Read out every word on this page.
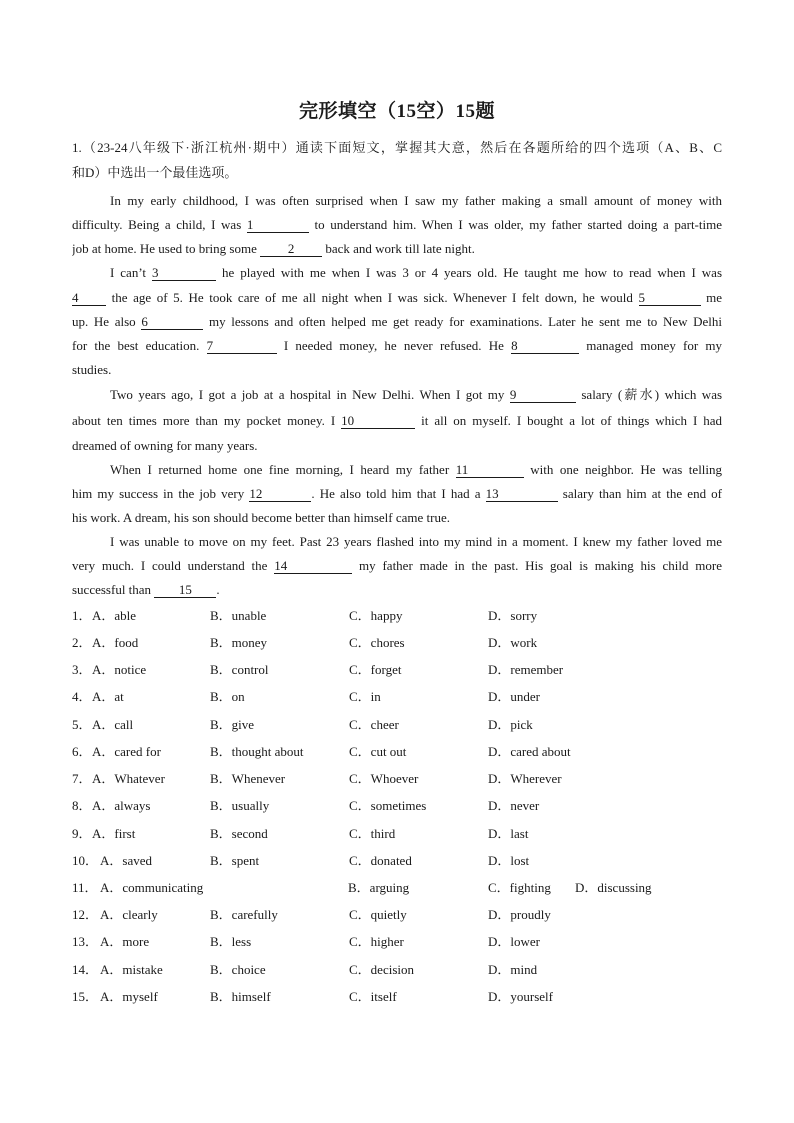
完形填空（15空）15题
1.（23-24八年级下·浙江杭州·期中）通读下面短文，掌握其大意，然后在各题所给的四个选项（A、B、C
和D）中选出一个最佳选项。
In my early childhood, I was often surprised when I saw my father making a small amount of money with
difficulty. Being a child, I was 1	to understand him. When I was older, my father started doing a part-time
job at home. He used to bring some 2 back and work till late night.
I can’t 3	he played with me when I was 3 or 4 years old. He taught me how to read when I was
4	the age of 5. He took care of me all night when I was sick. Whenever I felt down, he would 5	me
up. He also 6	my lessons and often helped me get ready for examinations. Later he sent me to New Delhi
for the best education. 7	I needed money, he never refused. He 8	managed money for my
studies.
Two years ago, I got a job at a hospital in New Delhi. When I got my 9	salary (薪水) which was
about ten times more than my pocket money. I 10	it all on myself. I bought a lot of things which I had
dreamed of owning for many years.
When I returned home one fine morning, I heard my father 11	with one neighbor. He was telling
him my success in the job very 12	. He also told him that I had a 13	salary than him at the end of
his work. A dream, his son should become better than himself came true.
I was unable to move on my feet. Past 23 years flashed into my mind in a moment. I knew my father loved me
very much. I could understand the 14	my father made in the past. His goal is making his child more
successful than 15 .
1． A．able	B．unable	C．happy	D．sorry
2． A．food	B．money	C．chores	D．work
3． A．notice	B．control	C．forget	D．remember
4． A．at	B．on	C．in	D．under
5． A．call	B．give	C．cheer	D．pick
6． A．cared for	B．thought about	C．cut out	D．cared about
7． A．Whatever	B．Whenever	C．Whoever	D．Wherever
8． A．always	B．usually	C．sometimes	D．never
9． A．first	B．second	C．third	D．last
10． A．saved	B．spent	C．donated	D．lost
11． A．communicating	B．arguing	C．fighting D．discussing
12． A．clearly	B．carefully	C．quietly	D．proudly
13． A．more	B．less	C．higher	D．lower
14． A．mistake	B．choice	C．decision	D．mind
15． A．myself	B．himself	C．itself	D．yourself
